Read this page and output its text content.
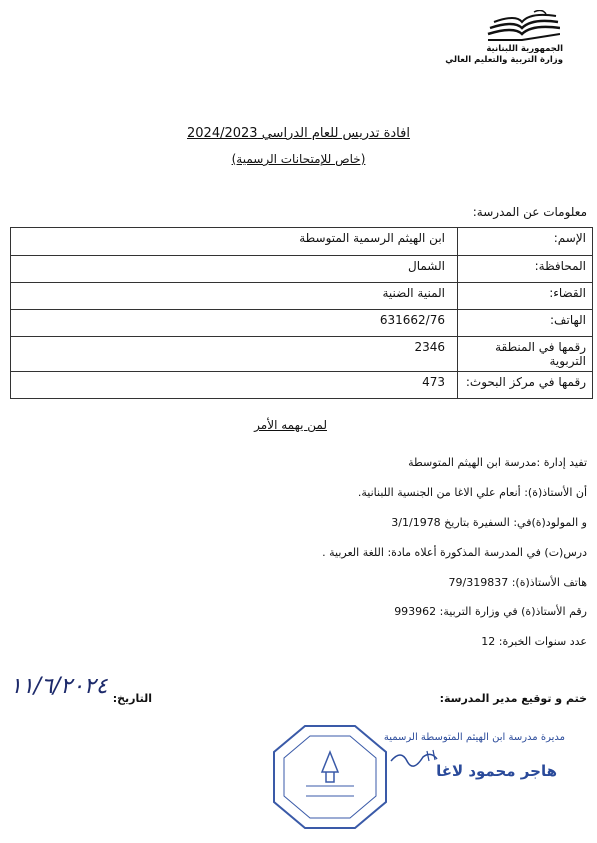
الجمهورية اللبنانية
وزارة التربية والتعليم العالي
افادة تدريس للعام الدراسي 2024/2023
(خاص للإمتحانات الرسمية)
معلومات عن المدرسة:
الإسم:	ابن الهيثم الرسمية المتوسطة
المحافظة:	الشمال
القضاء:	المنية الضنية
الهاتف:	631662/76
رقمها في المنطقة التربوية	2346
رقمها في مركز البحوث:	473
لمن يهمه الأمر
تفيد إدارة :مدرسة ابن الهيثم المتوسطة
أن الأستاذ(ة): أنعام علي الاغا من الجنسية اللبنانية.
و المولود(ة)في: السفيرة بتاريخ 3/1/1978
درس(ت) في المدرسة المذكورة أعلاه مادة: اللغة العربية .
هاتف الأستاذ(ة): 79/319837
رقم الأستاذ(ة) في وزارة التربية: 993962
عدد سنوات الخبرة: 12
١١/٦/٢٠٢٤ التاريخ:	ختم و توقيع مدير المدرسة:
مديرة مدرسة ابن الهيثم المتوسطة الرسمية
هاجر محمود لاغا
